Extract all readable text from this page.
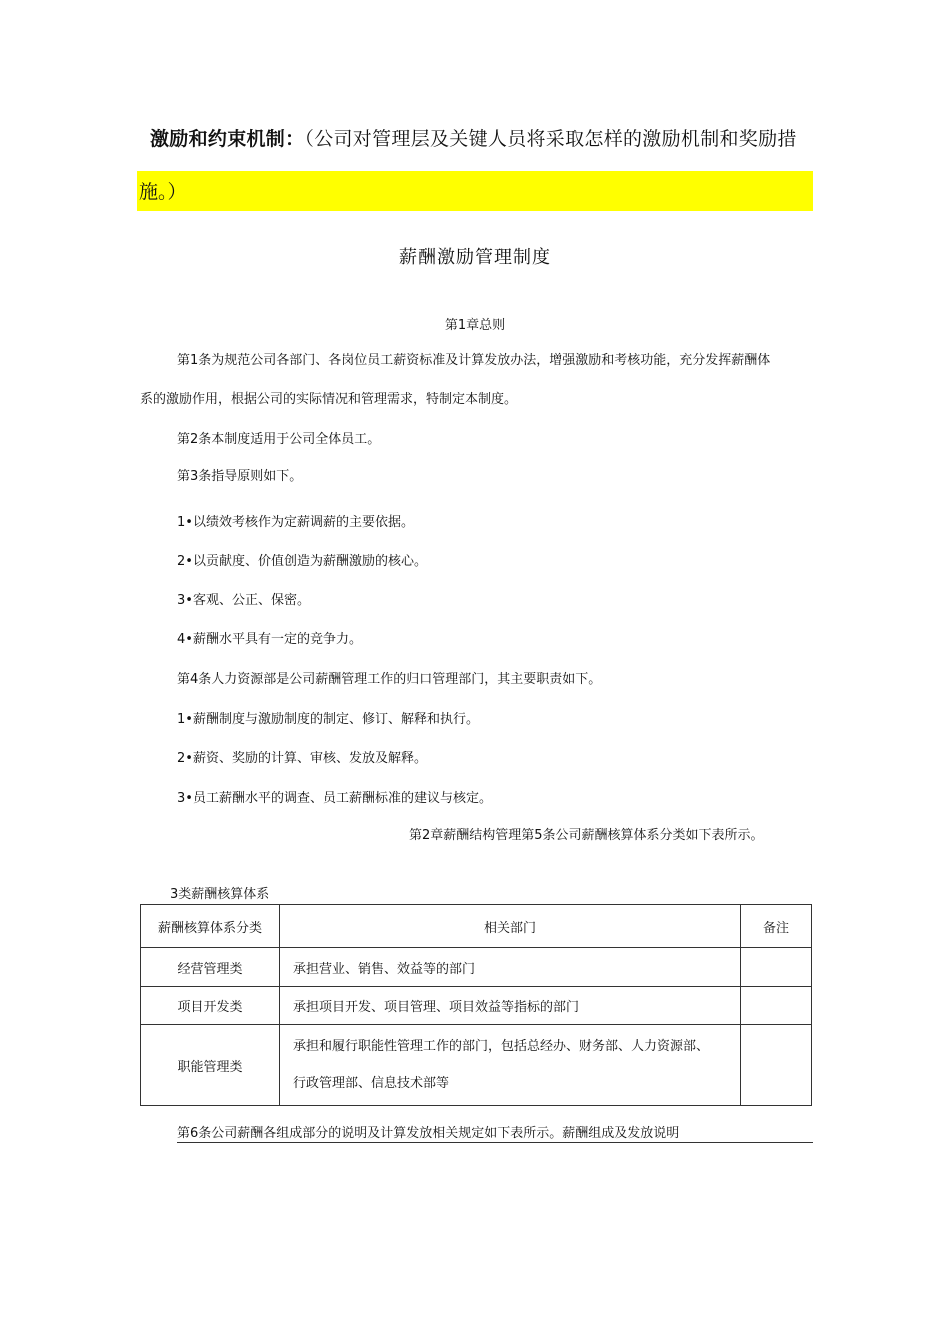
激励和约束机制：（公司对管理层及关键人员将采取怎样的激励机制和奖励措
施。）
薪酬激励管理制度
第1章总则
第1条为规范公司各部门、各岗位员工薪资标准及计算发放办法，增强激励和考核功能，充分发挥薪酬体
系的激励作用，根据公司的实际情况和管理需求，特制定本制度。
第2条本制度适用于公司全体员工。
第3条指导原则如下。
1•以绩效考核作为定薪调薪的主要依据。
2•以贡献度、价值创造为薪酬激励的核心。
3•客观、公正、保密。
4•薪酬水平具有一定的竞争力。
第4条人力资源部是公司薪酬管理工作的归口管理部门，其主要职责如下。
1•薪酬制度与激励制度的制定、修订、解释和执行。
2•薪资、奖励的计算、审核、发放及解释。
3•员工薪酬水平的调查、员工薪酬标准的建议与核定。
第2章薪酬结构管理第5条公司薪酬核算体系分类如下表所示。
3类薪酬核算体系
薪酬核算体系分类	相关部门	备注
经营管理类	承担营业、销售、效益等的部门	
项目开发类	承担项目开发、项目管理、项目效益等指标的部门	
职能管理类	承担和履行职能性管理工作的部门，包括总经办、财务部、人力资源部、
行政管理部、信息技术部等	

第6条公司薪酬各组成部分的说明及计算发放相关规定如下表所示。薪酬组成及发放说明
